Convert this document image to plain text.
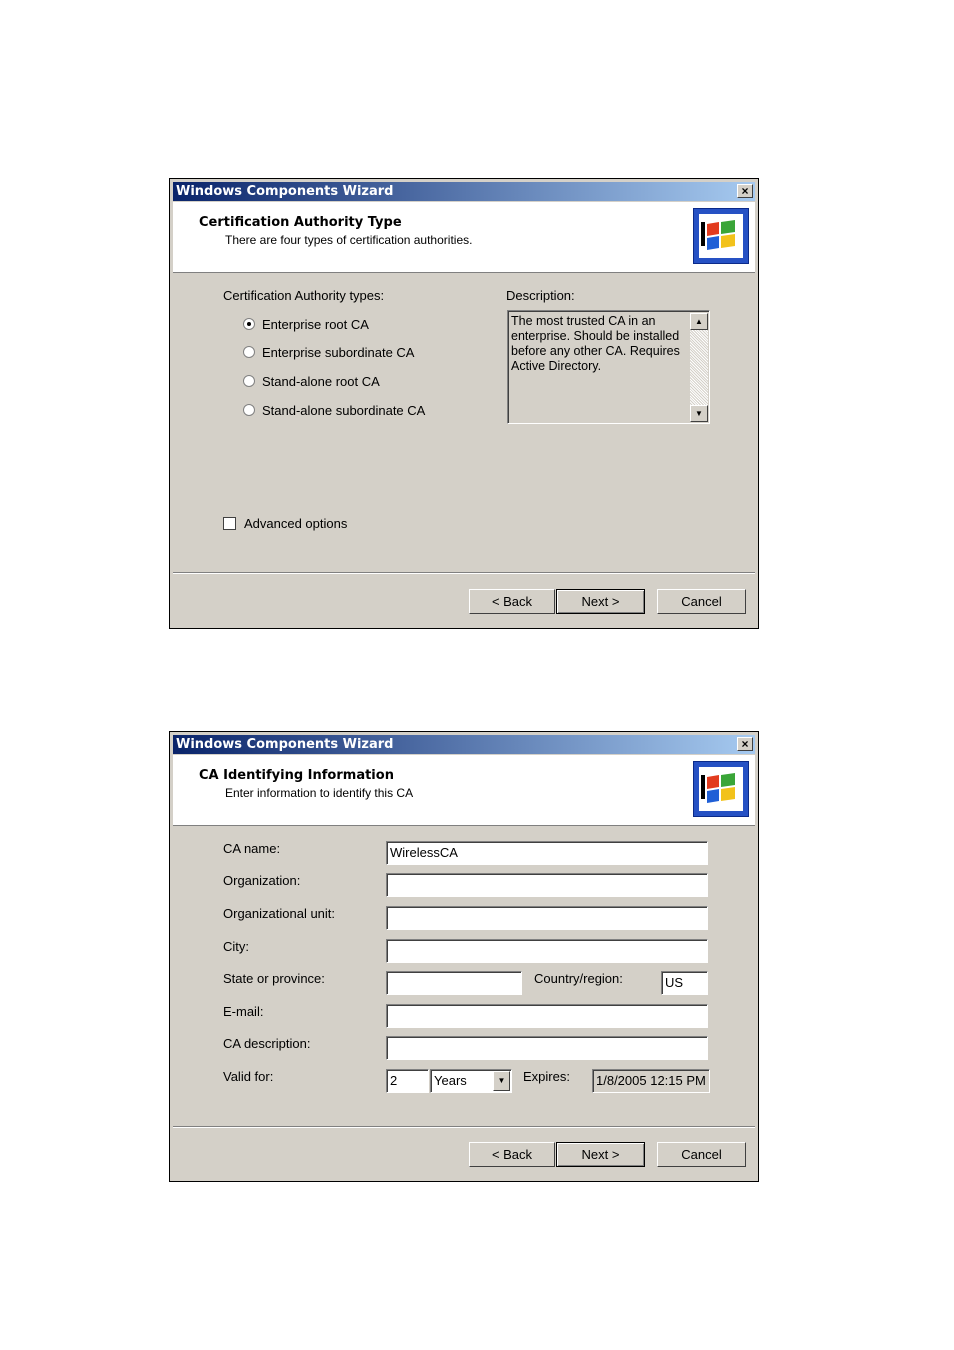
Windows Components Wizard	×
Certification Authority Type
There are four types of certification authorities.
Certification Authority types:
Enterprise root CA
Enterprise subordinate CA
Stand-alone root CA
Stand-alone subordinate CA
Description:
The most trusted CA in an enterprise. Should be installed before any other CA. Requires Active Directory.
▲
▼
Advanced options
< Back	Next >	Cancel
Windows Components Wizard	×
CA Identifying Information
Enter information to identify this CA
CA name:	WirelessCA
Organization:
Organizational unit:
City:
State or province:	Country/region:	US
E-mail:
CA description:
Valid for:	2	Years	▼	Expires:	1/8/2005 12:15 PM
< Back	Next >	Cancel
